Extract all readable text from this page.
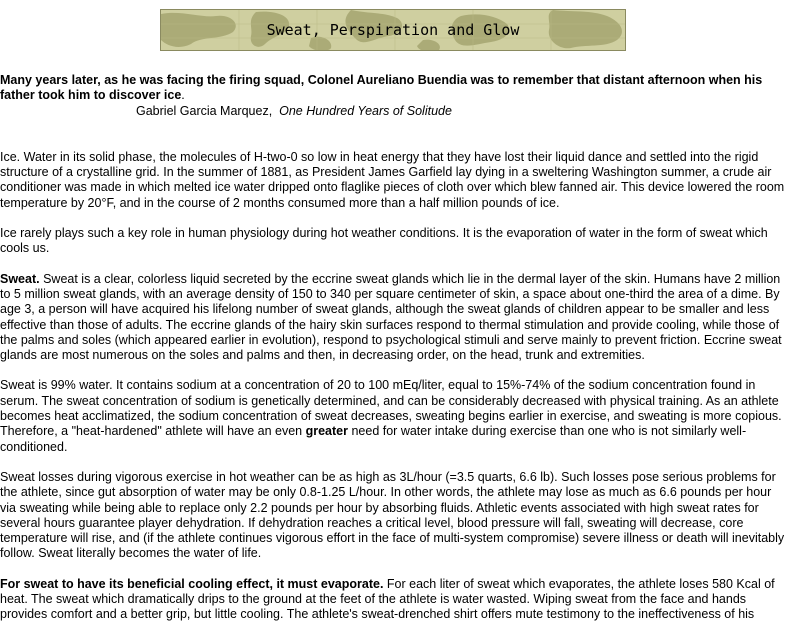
Sweat, Perspiration and Glow

Many years later, as he was facing the firing squad, Colonel Aureliano Buendia was to remember that distant afternoon when his father took him to discover ice.

Gabriel Garcia Marquez, One Hundred Years of Solitude

Ice. Water in its solid phase, the molecules of H-two-0 so low in heat energy that they have lost their liquid dance and settled into the rigid structure of a crystalline grid. In the summer of 1881, as President James Garfield lay dying in a sweltering Washington summer, a crude air conditioner was made in which melted ice water dripped onto flaglike pieces of cloth over which blew fanned air. This device lowered the room temperature by 20°F, and in the course of 2 months consumed more than a half million pounds of ice.

Ice rarely plays such a key role in human physiology during hot weather conditions. It is the evaporation of water in the form of sweat which cools us.

Sweat. Sweat is a clear, colorless liquid secreted by the eccrine sweat glands which lie in the dermal layer of the skin. Humans have 2 million to 5 million sweat glands, with an average density of 150 to 340 per square centimeter of skin, a space about one-third the area of a dime. By age 3, a person will have acquired his lifelong number of sweat glands, although the sweat glands of children appear to be smaller and less effective than those of adults. The eccrine glands of the hairy skin surfaces respond to thermal stimulation and provide cooling, while those of the palms and soles (which appeared earlier in evolution), respond to psychological stimuli and serve mainly to prevent friction. Eccrine sweat glands are most numerous on the soles and palms and then, in decreasing order, on the head, trunk and extremities.

Sweat is 99% water. It contains sodium at a concentration of 20 to 100 mEq/liter, equal to 15%-74% of the sodium concentration found in serum. The sweat concentration of sodium is genetically determined, and can be considerably decreased with physical training. As an athlete becomes heat acclimatized, the sodium concentration of sweat decreases, sweating begins earlier in exercise, and sweating is more copious. Therefore, a "heat-hardened" athlete will have an even greater need for water intake during exercise than one who is not similarly well-conditioned.

Sweat losses during vigorous exercise in hot weather can be as high as 3L/hour (=3.5 quarts, 6.6 lb). Such losses pose serious problems for the athlete, since gut absorption of water may be only 0.8-1.25 L/hour. In other words, the athlete may lose as much as 6.6 pounds per hour via sweating while being able to replace only 2.2 pounds per hour by absorbing fluids. Athletic events associated with high sweat rates for several hours guarantee player dehydration. If dehydration reaches a critical level, blood pressure will fall, sweating will decrease, core temperature will rise, and (if the athlete continues vigorous effort in the face of multi-system compromise) severe illness or death will inevitably follow. Sweat literally becomes the water of life.

For sweat to have its beneficial cooling effect, it must evaporate. For each liter of sweat which evaporates, the athlete loses 580 Kcal of heat. The sweat which dramatically drips to the ground at the feet of the athlete is water wasted. Wiping sweat from the face and hands provides comfort and a better grip, but little cooling. The athlete's sweat-drenched shirt offers mute testimony to the ineffectiveness of his
